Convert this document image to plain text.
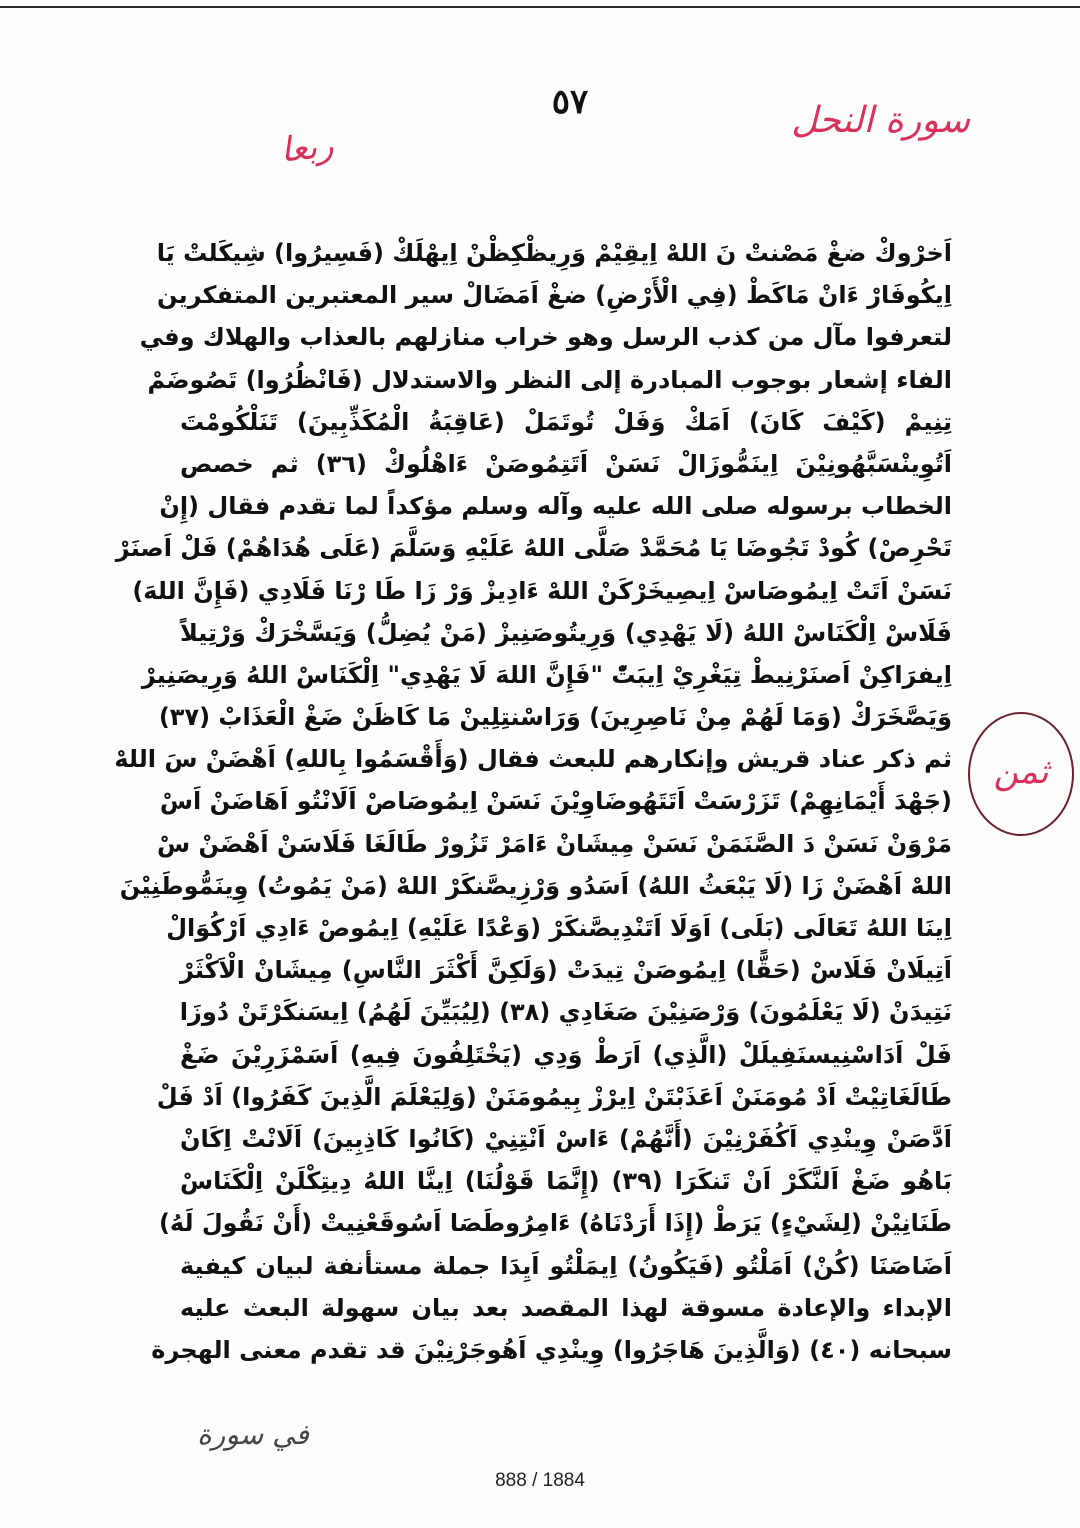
٥٧	سورة النحل
ربعا
ثمن
اَخرْوكْ ضغْ مَصْنتْ نَ اللهْ اِيقِيْمْ وَرِيظْكِظْنْ اِيهْلَكْ (فَسِيرُوا) شِيكَلتْ يَا
اِيكُوفَارْ ءَانْ مَاكَطْ (فِي الْأَرْضِ) ضغْ اَمَضَالْ سير المعتبرين المتفكرين
لتعرفوا مآل من كذب الرسل وهو خراب منازلهم بالعذاب والهلاك وفي
الفاء إشعار بوجوب المبادرة إلى النظر والاستدلال (فَانْظُرُوا) تَصُوضَمْ
تِنِيمْ (كَيْفَ كَانَ) اَمَكْ وَفَلْ تُوتَمَلْ (عَاقِبَةُ الْمُكَذِّبِينَ) تَنَلْكُومْتَ
اَتُوِينْسَبَّهُونِيْنَ اِينَمُّوزَالْ نَسَنْ اَتَتِمُوصَنْ ءَاهْلُوكْ (٣٦) ثم خصص
الخطاب برسوله صلى الله عليه وآله وسلم مؤكداً لما تقدم فقال (إِنْ
تَحْرِصْ) كُودْ تَجُوضَا يَا مُحَمَّدْ صَلَّى اللهُ عَلَيْهِ وَسَلَّمَ (عَلَى هُدَاهُمْ) فَلْ اَصنَرْ
نَسَنْ اَتَتْ اِيمُوصَاسْ اِيصِيخَرْكَنْ اللهْ ءَادِيزْ وَرْ زَا طَا رْنَا فَلَادِي (فَإِنَّ اللهَ)
فَلَاسْ اِلْكَنَاسْ اللهُ (لَا يَهْدِي) وَرِيتُوصَنِيزْ (مَنْ يُضِلُّ) وَيَسَّخْرَكْ وَرْتِيلاً
اِيفرَاكِنْ اَصنَرْنِيطْ تِيَغْرِيْ اِيبَتّْ "فَإِنَّ اللهَ لَا يَهْدِي" اِلْكَنَاسْ اللهُ وَرِيصَنِيرْ
وَيَصَّخَرَكْ (وَمَا لَهُمْ مِنْ نَاصِرِينَ) وَرَاسْنتِلِينْ مَا كَاظَنْ ضَغْ الْعَذَابْ (٣٧)
ثم ذكر عناد قريش وإنكارهم للبعث فقال (وَأَقْسَمُوا بِاللهِ) اَهْضَنْ سَ اللهْ
(جَهْدَ أَيْمَانِهِمْ) تَزَرْسَتْ اَتَتَهُوضَاوِيْنَ نَسَنْ اِيمُوصَاصْ اَلَانْتُو اَهَاضَنْ اَسْ
مَرْوَنْ نَسَنْ دَ الصَّنَمَنْ نَسَنْ مِيشَانْ ءَامَرْ تَزُورْ طَالَغَا فَلَاسَنْ اَهْضَنْ سْ
اللهْ اَهْضَنْ زَا (لَا يَبْعَثُ اللهُ) اَسَدُو وَرْزِيصَّنكَرْ اللهْ (مَنْ يَمُوتُ) وِينَمُّوطَنِيْنَ
اِينَا اللهُ تَعَالَى (بَلَى) اَوَلَا اَتَنْدِيصَّنكَرْ (وَعْدًا عَلَيْهِ) اِيمُوصْ ءَادِي اَرْكُوَالْ
اَتِيلَانْ فَلَاسْ (حَقًّا) اِيمُوصَنْ تِيدَتْ (وَلَكِنَّ أَكْثَرَ النَّاسِ) مِيشَانْ الْاَكْثَرْ
نَتِيدَنْ (لَا يَعْلَمُونَ) وَرْصَنِيْنَ صَغَادِي (٣٨) (لِيُبَيِّنَ لَهُمُ) اِيسَنكَرْتَنْ دُوزَا
فَلْ اَدَاسْنِيسنَفِيلَلْ (الَّذِي) اَرَطْ وَدِي (يَخْتَلِفُونَ فِيهِ) اَسَمْزَرِيْنَ ضَغْ
طَالَغَاتِيْتْ اَدْ مُومَنَنْ اَعَذَبْتَنْ اِيرْزْ بِيمُومَنَنْ (وَلِيَعْلَمَ الَّذِينَ كَفَرُوا) اَدْ فَلْ
اَدَّصَنْ وِينْدِي اَكُفَرْنِيْنَ (أَنَّهُمْ) ءَاسْ اَنْتِنِيْ (كَانُوا كَاذِبِينَ) اَلَانْتْ اِكَانْ
بَاهُو ضَغْ اَلنَّكَرْ اَنْ تَنكَرَا (٣٩) (إِنَّمَا قَوْلُنَا) اِينَّا اللهُ دِيتِكْلَنْ اِلْكَنَاسْ
طَنَانِيْنْ (لِشَيْءٍ) يَرَطْ (إِذَا أَرَدْنَاهُ) ءَامِرُوطَصَا اَسُوقَعْنِيتْ (أَنْ نَقُولَ لَهُ)
اَضَاصَنَا (كُنْ) اَمَلْتُو (فَيَكُونُ) اِيمَلْتُو اَيِدَا جملة مستأنفة لبيان كيفية
الإبداء والإعادة مسوقة لهذا المقصد بعد بيان سهولة البعث عليه
سبحانه (٤٠) (وَالَّذِينَ هَاجَرُوا) وِينْدِي اَهُوجَرْنِيْنَ قد تقدم معنى الهجرة
في سورة
888 / 1884
